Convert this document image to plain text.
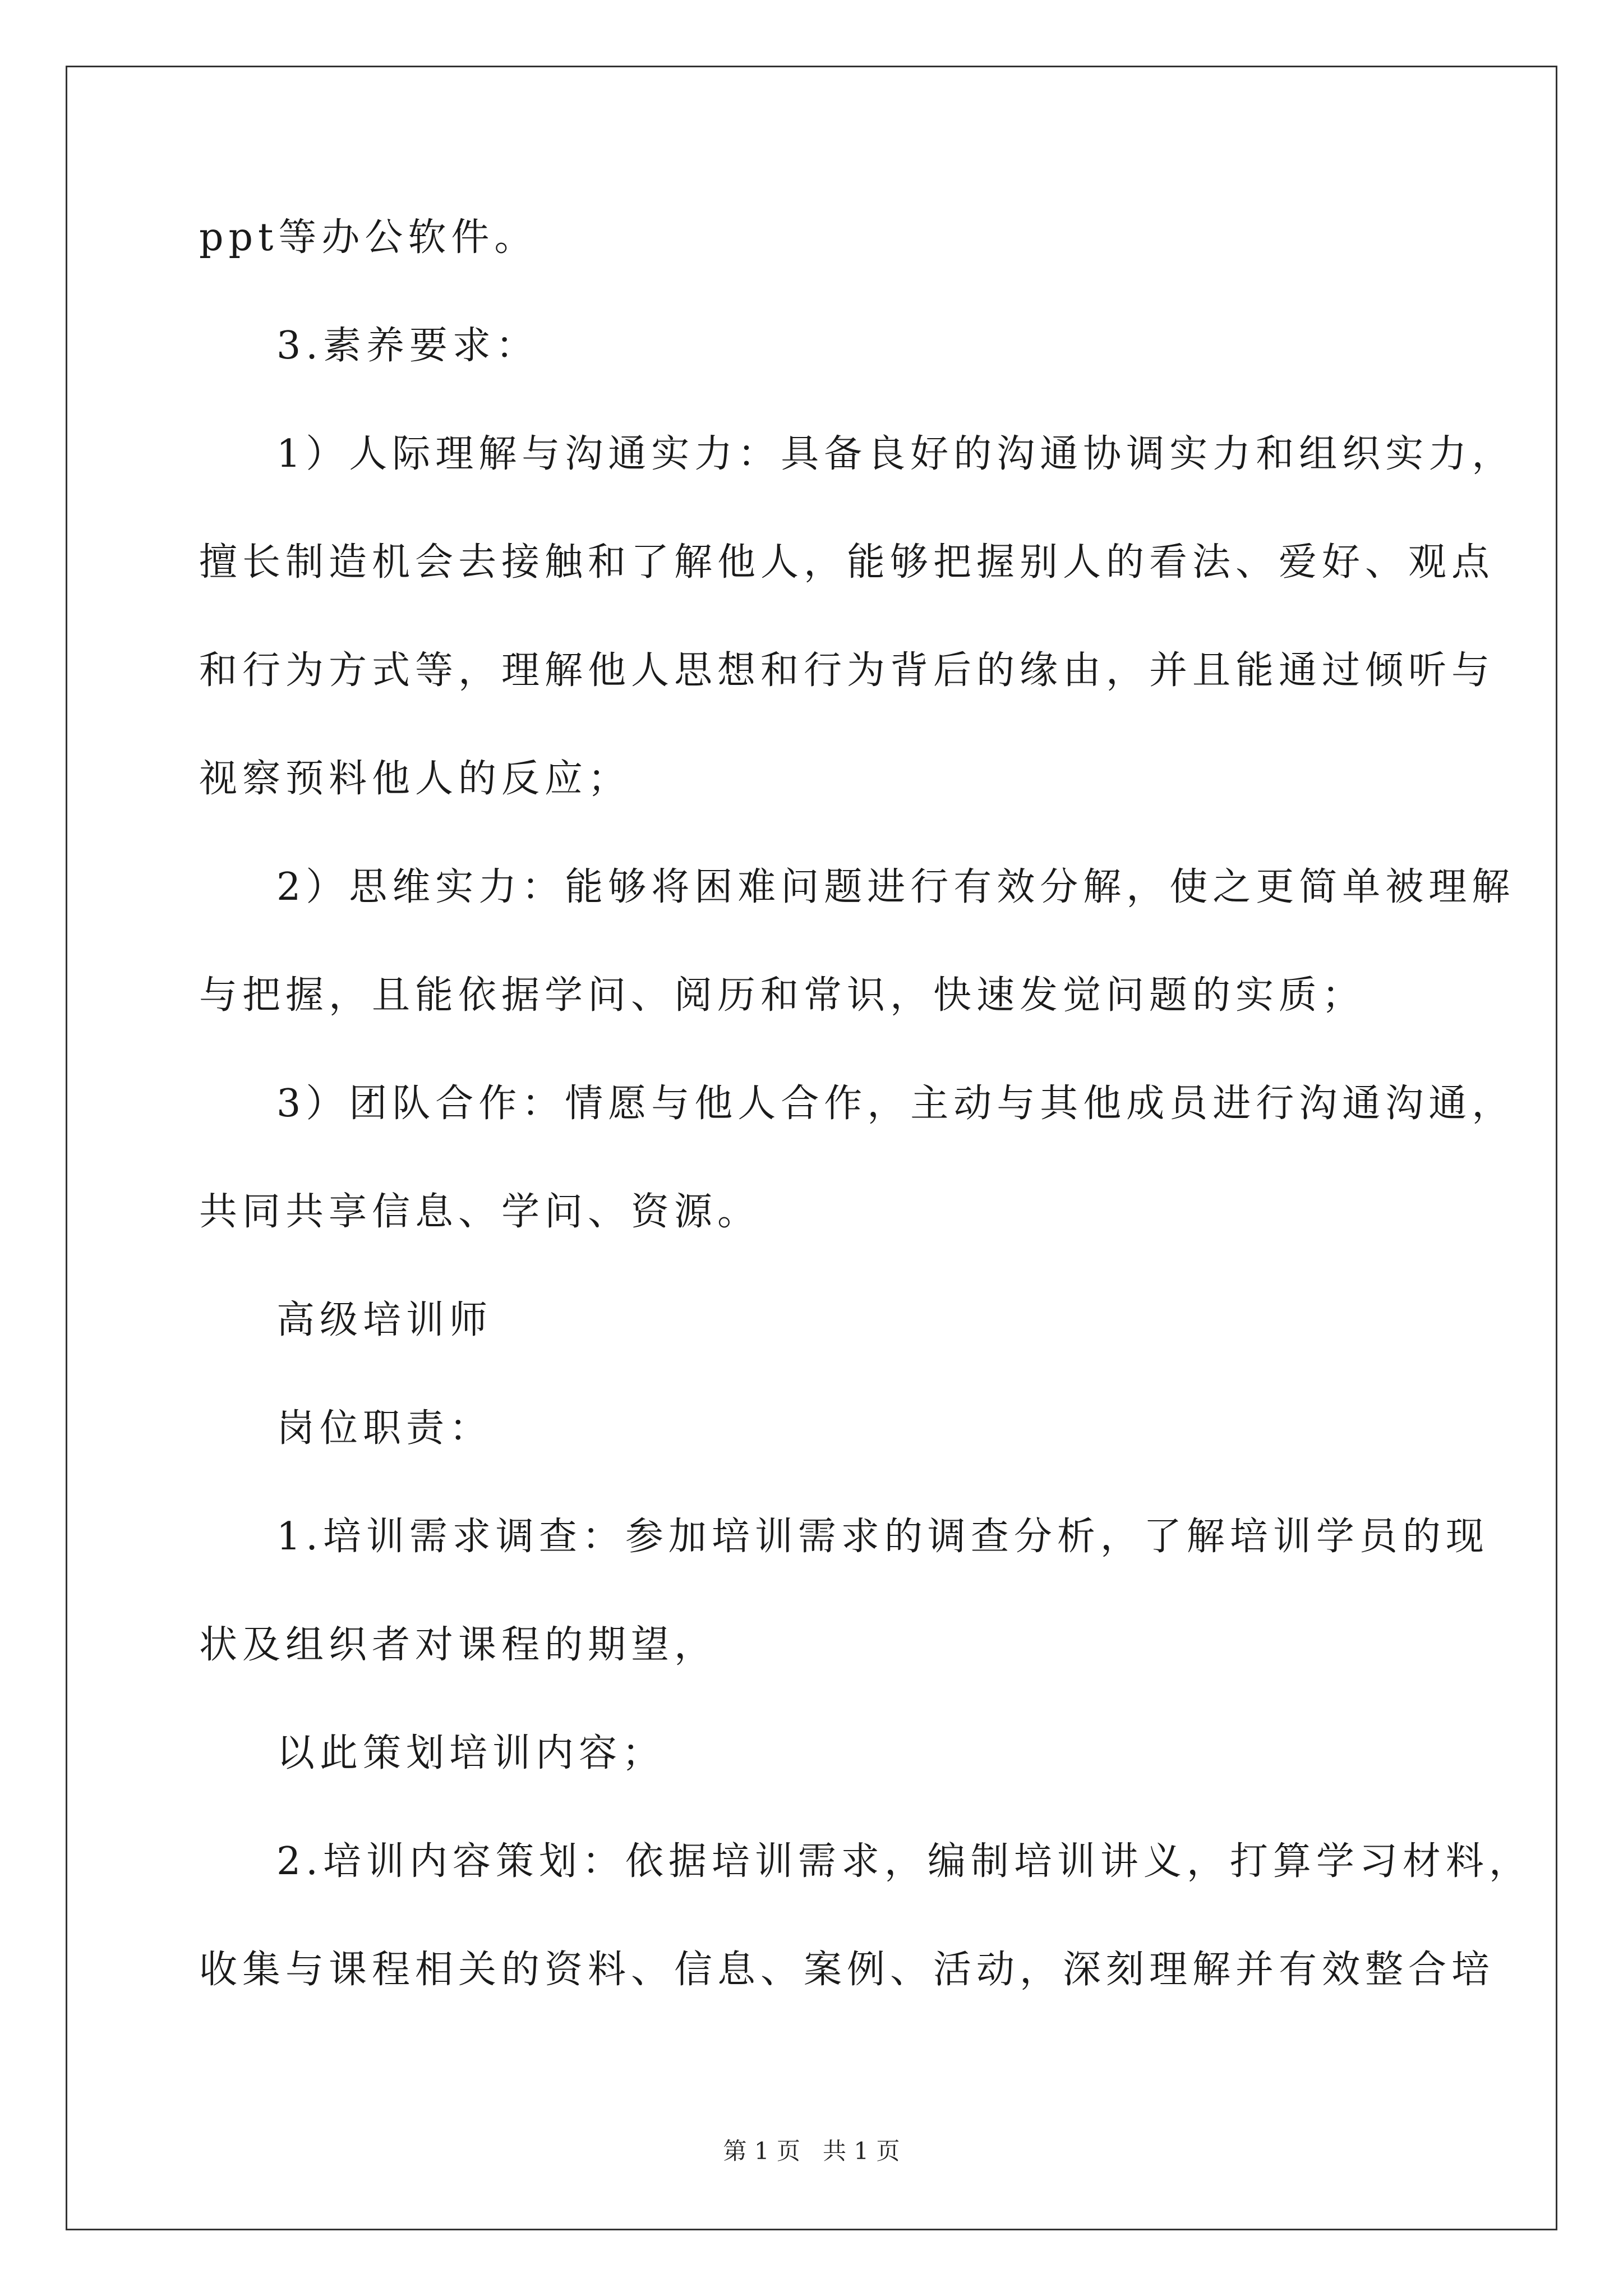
ppt等办公软件。
3.素养要求：
1）人际理解与沟通实力：具备良好的沟通协调实力和组织实力，
擅长制造机会去接触和了解他人，能够把握别人的看法、爱好、观点
和行为方式等，理解他人思想和行为背后的缘由，并且能通过倾听与
视察预料他人的反应；
2）思维实力：能够将困难问题进行有效分解，使之更简单被理解
与把握，且能依据学问、阅历和常识，快速发觉问题的实质；
3）团队合作：情愿与他人合作，主动与其他成员进行沟通沟通，
共同共享信息、学问、资源。
高级培训师
岗位职责：
1.培训需求调查：参加培训需求的调查分析，了解培训学员的现
状及组织者对课程的期望，
以此策划培训内容；
2.培训内容策划：依据培训需求，编制培训讲义，打算学习材料，
收集与课程相关的资料、信息、案例、活动，深刻理解并有效整合培
第 1 页   共 1 页
